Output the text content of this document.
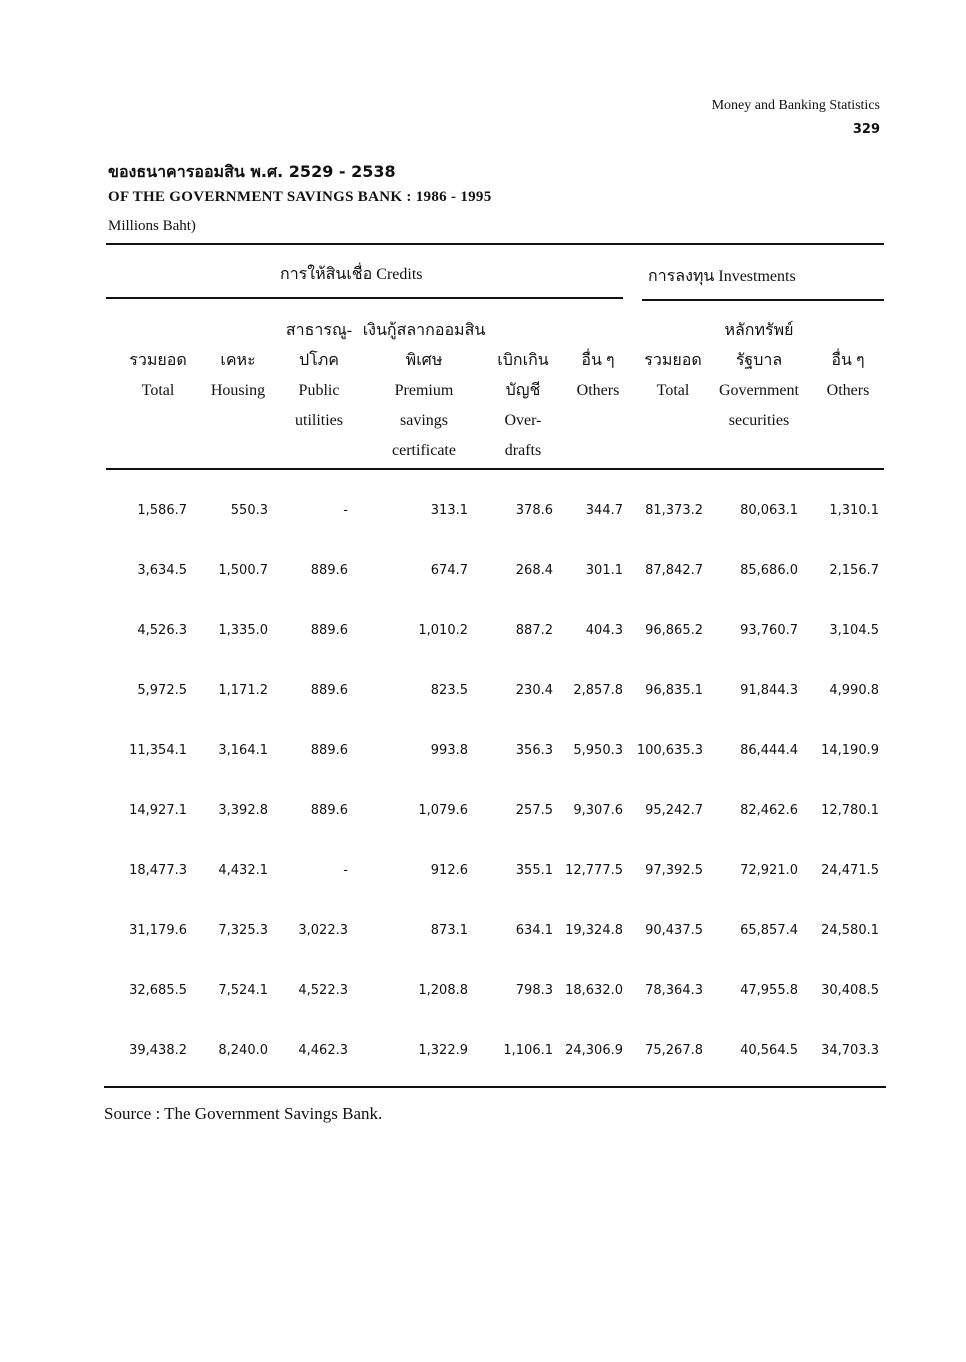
Money and Banking Statistics
329
ของธนาคารออมสิน พ.ศ. 2529 - 2538
OF THE GOVERNMENT SAVINGS BANK : 1986 - 1995
Millions Baht)
การให้สินเชื่อ Credits	การลงทุน Investments

รวมยอด
Total

เคหะ
Housing

สาธารณู-
ปโภค
Public
utilities

เงินกู้สลากออมสิน
พิเศษ
Premium
savings
certificate

เบิกเกิน
บัญชี
Over-
drafts

อื่น ๆ
Others

รวมยอด
Total

หลักทรัพย์
รัฐบาล
Government
securities

อื่น ๆ
Others

1,586.7	550.3	-	313.1	378.6	344.7 81,373.2	80,063.1 1,310.1
3,634.5 1,500.7	889.6	674.7	268.4	301.1 87,842.7	85,686.0 2,156.7
4,526.3 1,335.0	889.6	1,010.2	887.2	404.3 96,865.2	93,760.7 3,104.5
5,972.5 1,171.2	889.6	823.5	230.4 2,857.8 96,835.1	91,844.3 4,990.8
11,354.1 3,164.1	889.6	993.8	356.3 5,950.3 100,635.3	86,444.4 14,190.9
14,927.1 3,392.8	889.6	1,079.6	257.5 9,307.6 95,242.7	82,462.6 12,780.1
18,477.3 4,432.1	-	912.6	355.1 12,777.5 97,392.5	72,921.0 24,471.5
31,179.6 7,325.3 3,022.3	873.1	634.1 19,324.8 90,437.5	65,857.4 24,580.1
32,685.5 7,524.1 4,522.3	1,208.8	798.3 18,632.0 78,364.3	47,955.8 30,408.5
39,438.2 8,240.0 4,462.3	1,322.9	1,106.1 24,306.9 75,267.8	40,564.5 34,703.3
Source : The Government Savings Bank.
